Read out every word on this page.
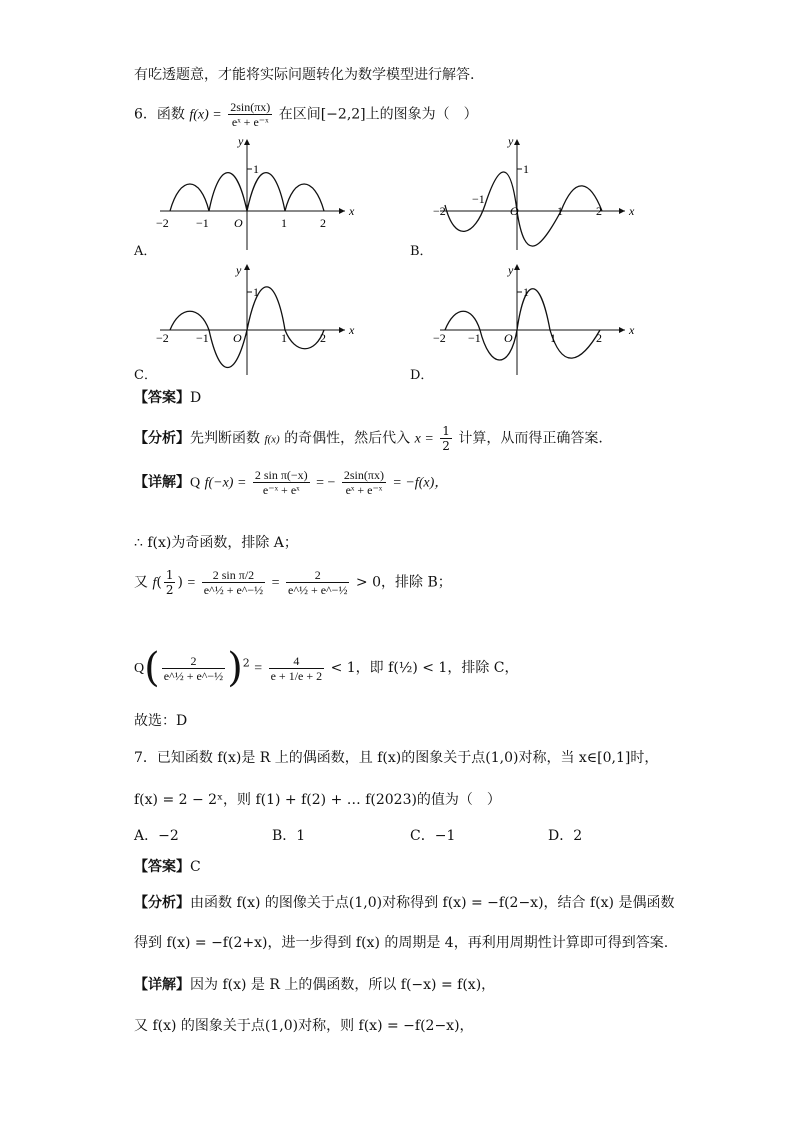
有吃透题意，才能将实际问题转化为数学模型进行解答.
6．函数 $f(x) = \frac{2\sin(\pi x)}{\text{eˣ + e⁻ˣ}}$ 在区间[−2,2]上的图象为（　）
1
y
x
O
−2 −1	1	2
A．
1
y
x
O
−2
−1
1	2
B．
1
y
x
O
−2 −1	1	2
C．
1
y
x
O
−2 −1	1	2
D．
【答案】D
【分析】先判断函数 f(x) 的奇偶性，然后代入 $x = \frac{1}{2}$ 计算，从而得正确答案.
【详解】Q $f(-x) = \frac{\text{2 sin π(−x)}}{\text{e⁻ˣ + eˣ}}$ = − $\frac{2\sin(\pi x)}{\text{eˣ + e⁻ˣ}} = -f(x)$，
∴ f(x)为奇函数，排除 A；
又 $f( \frac{1}{2}$ ) = $\frac{\text{2 sin π/2}}{\text{e\textasciicircum{}½ + e\textasciicircum{}−½}} = \frac{2}{\text{e\textasciicircum{}½ + e\textasciicircum{}−½}} > 0$，排除 B；
$Q( \frac{2}{\text{e\textasciicircum{}½ + e\textasciicircum{}−½}} )^2 = \frac{4}{e + 1/e + 2} < 1$，即 f(½) < 1，排除 C，
故选：D
7．已知函数 f(x)是 R 上的偶函数，且 f(x)的图象关于点(1,0)对称，当 x∈[0,1]时，
f(x) = 2 − 2ˣ，则 f(1) + f(2) + … f(2023)的值为（　）
A．−2	B．1	C．−1	D．2
【答案】C
【分析】由函数 f(x) 的图像关于点(1,0)对称得到 f(x) = −f(2−x)，结合 f(x) 是偶函数
得到 f(x) = −f(2+x)，进一步得到 f(x) 的周期是 4，再利用周期性计算即可得到答案.
【详解】因为 f(x) 是 R 上的偶函数，所以 f(−x) = f(x)，
又 f(x) 的图象关于点(1,0)对称，则 f(x) = −f(2−x)，
